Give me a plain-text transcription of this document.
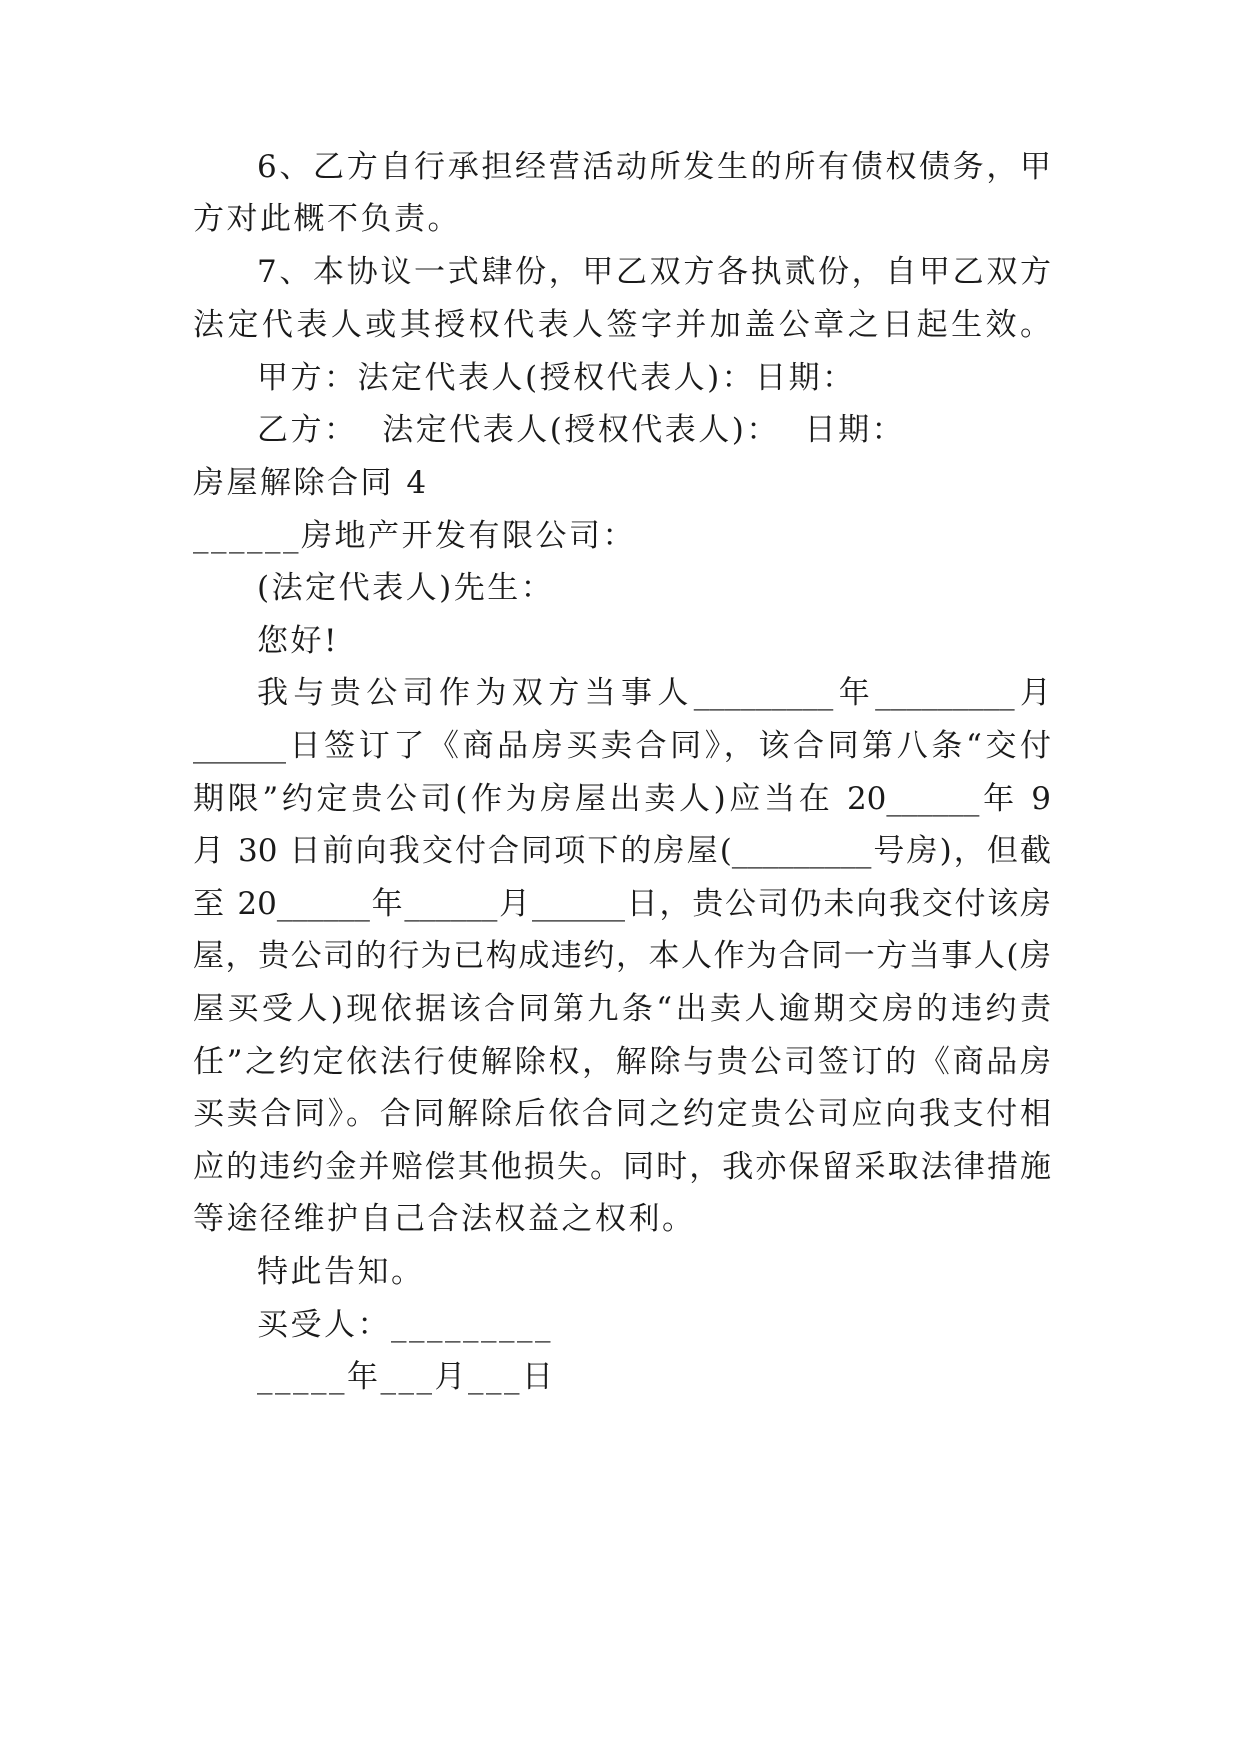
6、乙方自行承担经营活动所发生的所有债权债务，甲
方对此概不负责。
7、本协议一式肆份，甲乙双方各执贰份，自甲乙双方
法定代表人或其授权代表人签字并加盖公章之日起生效。
甲方：法定代表人(授权代表人)：日期：
乙方：  法定代表人(授权代表人)：  日期：
房屋解除合同 4
______房地产开发有限公司：
(法定代表人)先生：
您好!
我与贵公司作为双方当事人_________年_________月
______日签订了《商品房买卖合同》，该合同第八条“交付
期限”约定贵公司(作为房屋出卖人)应当在 20______年 9
月 30 日前向我交付合同项下的房屋(_________号房)，但截
至 20______年______月______日，贵公司仍未向我交付该房
屋，贵公司的行为已构成违约，本人作为合同一方当事人(房
屋买受人)现依据该合同第九条“出卖人逾期交房的违约责
任”之约定依法行使解除权，解除与贵公司签订的《商品房
买卖合同》。合同解除后依合同之约定贵公司应向我支付相
应的违约金并赔偿其他损失。同时，我亦保留采取法律措施
等途径维护自己合法权益之权利。
特此告知。
买受人：_________
_____年___月___日
